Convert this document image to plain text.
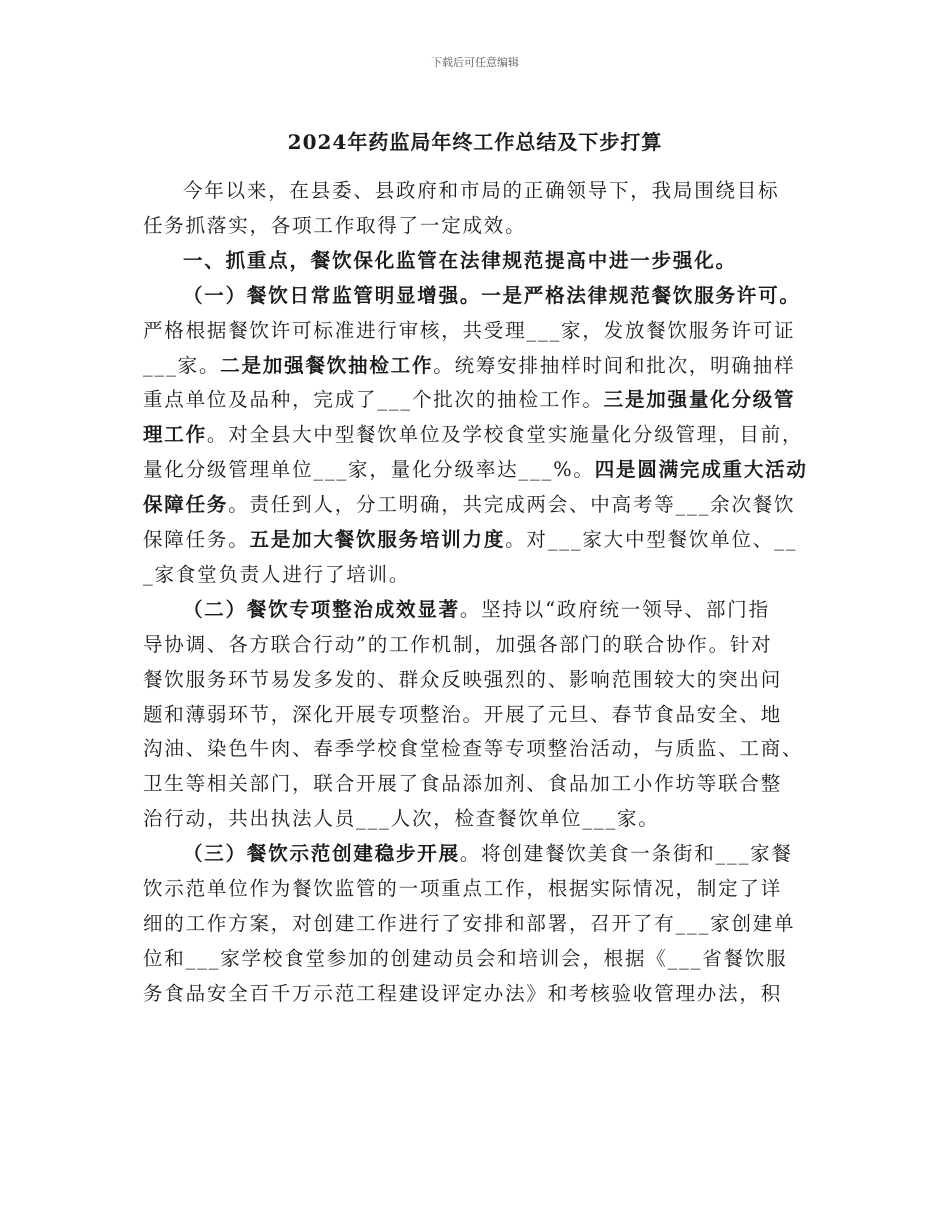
下载后可任意编辑
2024年药监局年终工作总结及下步打算
今年以来，在县委、县政府和市局的正确领导下，我局围绕目标
任务抓落实，各项工作取得了一定成效。
一、抓重点，餐饮保化监管在法律规范提高中进一步强化。
（一）餐饮日常监管明显增强。一是严格法律规范餐饮服务许可。
严格根据餐饮许可标准进行审核，共受理___家，发放餐饮服务许可证
___家。二是加强餐饮抽检工作。统筹安排抽样时间和批次，明确抽样
重点单位及品种，完成了___个批次的抽检工作。三是加强量化分级管
理工作。对全县大中型餐饮单位及学校食堂实施量化分级管理，目前，
量化分级管理单位___家，量化分级率达___%。四是圆满完成重大活动
保障任务。责任到人，分工明确，共完成两会、中高考等___余次餐饮
保障任务。五是加大餐饮服务培训力度。对___家大中型餐饮单位、__
_家食堂负责人进行了培训。
（二）餐饮专项整治成效显著。坚持以“政府统一领导、部门指
导协调、各方联合行动”的工作机制，加强各部门的联合协作。针对
餐饮服务环节易发多发的、群众反映强烈的、影响范围较大的突出问
题和薄弱环节，深化开展专项整治。开展了元旦、春节食品安全、地
沟油、染色牛肉、春季学校食堂检查等专项整治活动，与质监、工商、
卫生等相关部门，联合开展了食品添加剂、食品加工小作坊等联合整
治行动，共出执法人员___人次，检查餐饮单位___家。
（三）餐饮示范创建稳步开展。将创建餐饮美食一条街和___家餐
饮示范单位作为餐饮监管的一项重点工作，根据实际情况，制定了详
细的工作方案，对创建工作进行了安排和部署，召开了有___家创建单
位和___家学校食堂参加的创建动员会和培训会，根据《___省餐饮服
务食品安全百千万示范工程建设评定办法》和考核验收管理办法，积
